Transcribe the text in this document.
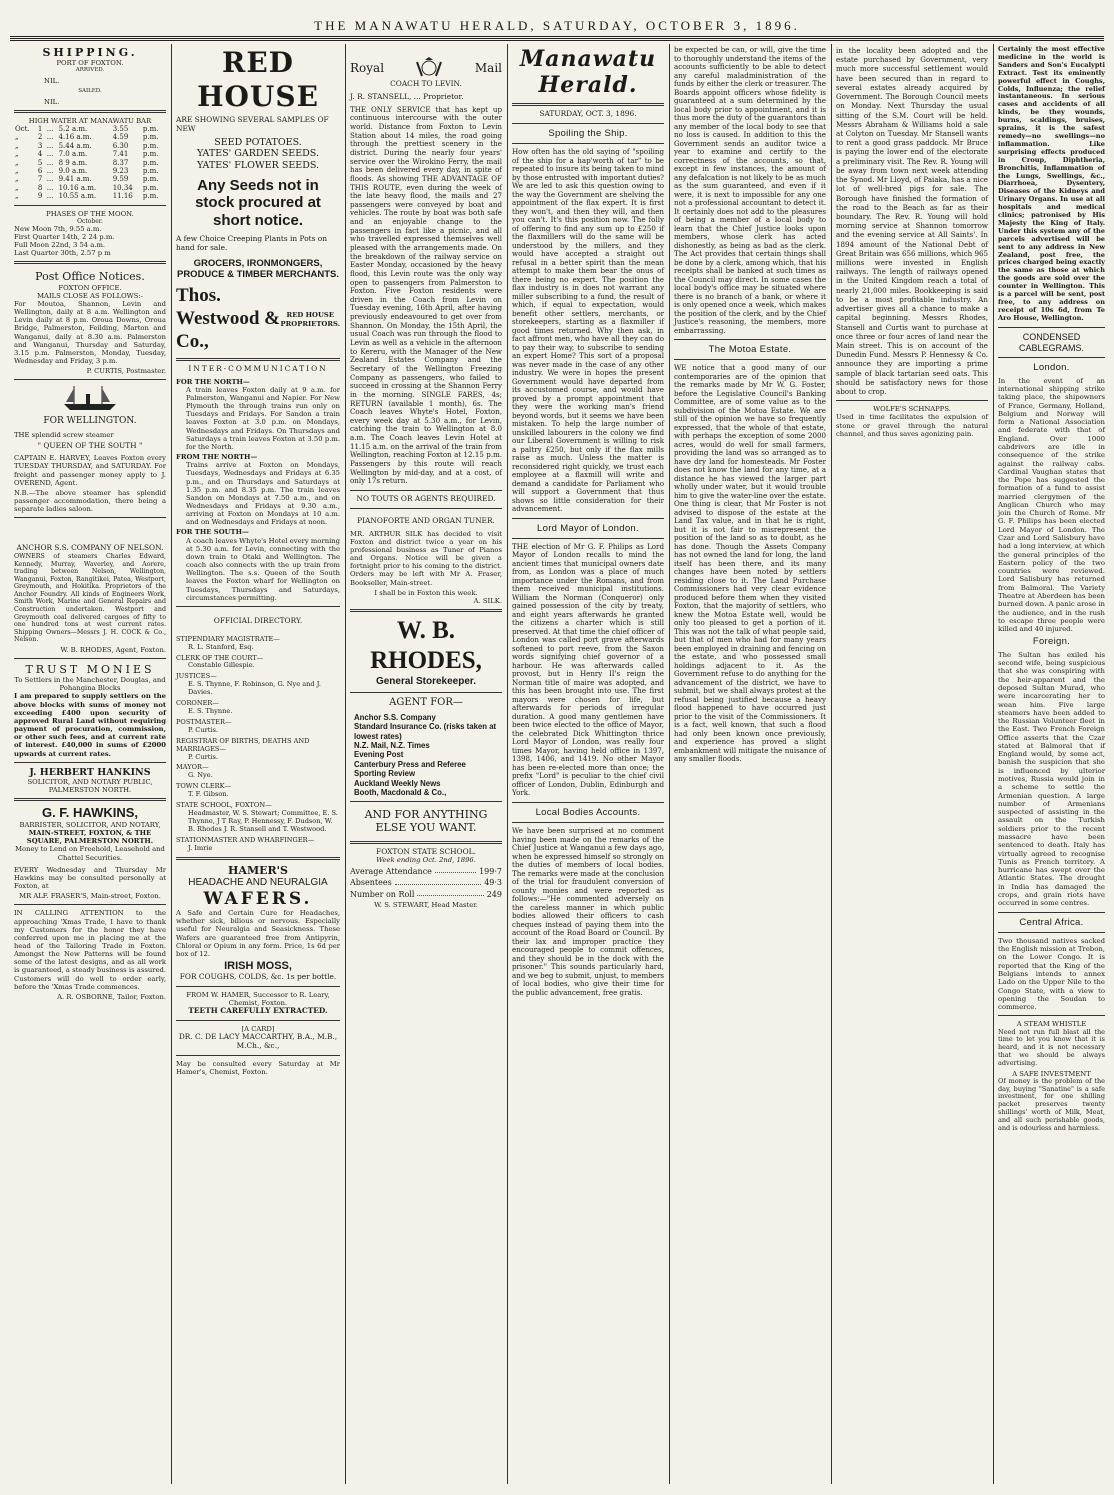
THE MANAWATU HERALD, SATURDAY, OCTOBER 3, 1896.
SHIPPING.
PORT OF FOXTON.
ARRIVED.
NIL.
SAILED.
NIL.
HIGH WATER AT MANAWATU BAR
Oct.	1	...	5.2 a.m.	3.55	p.m.
„	2	...	4.16 a.m.	4.59	p.m.
„	3	...	5.44 a.m.	6.30	p.m.
„	4	...	7.0 a.m.	7.41	p.m.
„	5	...	8 9 a.m.	8.37	p.m.
„	6	...	9.0 a.m.	9.23	p.m.
„	7	...	9.41 a.m.	9.59	p.m.
„	8	...	10.16 a.m.	10.34	p.m.
„	9	...	10.55 a.m.	11.16	p.m.
PHASES OF THE MOON.
October.
New Moon 7th, 9.55 a.m.
First Quarter 14th, 2 24 p.m.
Full Moon 22nd, 3 54 a.m.
Last Quarter 30th, 2.57 p m
Post Office Notices.
FOXTON OFFICE.
MAILS CLOSE AS FOLLOWS:-

For Moutoa, Shannon, Levin and Wellington, daily at 8 a.m. Wellington and Levin daily at 8 p.m. Oroua Downs, Oroua Bridge, Palmerston, Feilding, Marton and Wanganui, daily at 8.30 a.m. Palmerston and Wanganui, Thursday and Saturday, 3.15 p.m. Palmerston, Monday, Tuesday, Wednesday and Friday, 3 p.m.

P. CURTIS, Postmaster.
FOR WELLINGTON.
THE splendid screw steamer
" QUEEN OF THE SOUTH "

CAPTAIN E. HARVEY, Leaves Foxton every TUESDAY THURSDAY, and SATURDAY. For freight and passenger money apply to J. OVEREND, Agent.

N.B.—The above steamer has splendid passenger accommodation, there being a separate ladies saloon.

ANCHOR S.S. COMPANY OF NELSON.

OWNERS of steamers Charles Edward, Kennedy, Murray, Waverley, and Aorere, trading between Nelson, Wellington, Wanganui, Foxton, Rangitikei, Patea, Westport, Greymouth, and Hokitika. Proprietors of the Anchor Foundry. All kinds of Engineers Work, Smith Work, Marine and General Repairs and Construction undertaken. Westport and Greymouth coal delivered cargoes of fifty to one hundred tons at west current rates. Shipping Owners—Messrs J. H. COCK & Co., Nelson.

W. B. RHODES, Agent, Foxton.
TRUST MONIES
To Settlers in the Manchester, Douglas, and Pohangina Blocks

I am prepared to supply settlers on the above blocks with sums of money not exceeding £400 upon security of approved Rural Land without requiring payment of procuration, commission, or other such fees, and at current rate of interest. £40,000 in sums of £2000 upwards at current rates.

J. HERBERT HANKINS
SOLICITOR, AND NOTARY PUBLIC, PALMERSTON NORTH.
G. F. HAWKINS,
BARRISTER, SOLICITOR, AND NOTARY,
MAIN-STREET, FOXTON, & THE SQUARE, PALMERSTON NORTH.
Money to Lend on Freehold, Leasehold and Chattel Securities.

EVERY Wednesday and Thursday Mr Hawkins may be consulted personally at Foxton, at

MR ALF. FRASER'S, Main-street, Foxton.

IN CALLING ATTENTION to the approaching 'Xmas Trade, I have to thank my Customers for the honor they have conferred upon me in placing me at the head of the Tailoring Trade in Foxton. Amongst the New Patterns will be found some of the latest designs, and as all work is guaranteed, a steady business is assured. Customers will do well to order early, before the 'Xmas Trade commences.

A. R. OSBORNE, Tailor, Foxton.
RED HOUSE
ARE SHOWING SEVERAL SAMPLES OF NEW
SEED POTATOES.
YATES' GARDEN SEEDS.
YATES' FLOWER SEEDS.
Any Seeds not in stock procured at short notice.
A few Choice Creeping Plants in Pots on hand for sale.
GROCERS, IRONMONGERS, PRODUCE & TIMBER MERCHANTS.
Thos. Westwood & Co.,
RED HOUSE PROPRIETORS.
INTER-COMMUNICATION
FOR THE NORTH—

A train leaves Foxton daily at 9 a.m. for Palmerston, Wanganui and Napier. For New Plymouth the through trains run only on Tuesdays and Fridays. For Sandon a train leaves Foxton at 3.0 p.m. on Mondays, Wednesdays and Fridays. On Thursdays and Saturdays a train leaves Foxton at 3.50 p.m. for the North.

FROM THE NORTH—

Trains arrive at Foxton on Mondays, Tuesdays, Wednesdays and Fridays at 6.35 p.m., and on Thursdays and Saturdays at 1.35 p.m. and 8.35 p.m. The train leaves Sandon on Mondays at 7.50 a.m., and on Wednesdays and Fridays at 9.30 a.m., arriving at Foxton on Mondays at 10 a.m. and on Wednesdays and Fridays at noon.

FOR THE SOUTH—

A coach leaves Whyte's Hotel every morning at 5.30 a.m. for Levin, connecting with the down train to Otaki and Wellington. The coach also connects with the up train from Wellington. The s.s. Queen of the South leaves the Foxton wharf for Wellington on Tuesdays, Thursdays and Saturdays, circumstances permitting.

OFFICIAL DIRECTORY.
STIPENDIARY MAGISTRATE—
R. L. Stanford, Esq.
CLERK OF THE COURT—
Constable Gillespie.
JUSTICES—
E. S. Thynne, F. Robinson, G. Nye and J. Davies.
CORONER—
E. S. Thynne.
POSTMASTER—
P. Curtis.
REGISTRAR OF BIRTHS, DEATHS AND MARRIAGES—
P. Curtis.
MAYOR—
G. Nye.
TOWN CLERK—
T. F. Gibson.
STATE SCHOOL, FOXTON—
Headmaster, W. S. Stewart; Committee, E. S. Thynne, J T Ray, P. Hennessy, F. Dudson, W. B. Rhodes J. R. Stansell and T. Westwood.
STATIONMASTER AND WHARFINGER—
J. Imrie
HAMER'S
HEADACHE AND NEURALGIA
WAFERS.

A Safe and Certain Cure for Headaches, whether sick, bilious or nervous. Especially useful for Neuralgia and Seasickness. These Wafers are guaranteed free from Antipyrin, Chloral or Opium in any form. Price, 1s 6d per box of 12.

IRISH MOSS,
FOR COUGHS, COLDS, &c. 1s per bottle.
FROM W. HAMER, Successor to R. Leary, Chemist, Foxton.
TEETH CAREFULLY EXTRACTED.
[A CARD]
DR. C. DE LACY MACCARTHY, B.A., M.B., M.Ch., &c.,

May be consulted every Saturday at Mr Hamer's, Chemist, Foxton.

Royal	Mail
COACH TO LEVIN.
J. R. STANSELL, ... Proprietor.

THE ONLY SERVICE that has kept up continuous intercourse with the outer world. Distance from Foxton to Levin Station about 14 miles, the road going through the prettiest scenery in the district. During the nearly four years' service over the Wirokino Ferry, the mail has been delivered every day, in spite of floods. As showing THE ADVANTAGE OF THIS ROUTE, even during the week of the late heavy flood, the mails and 27 passengers were conveyed by boat and vehicles. The route by boat was both safe and an enjoyable change to the passengers in fact like a picnic, and all who travelled expressed themselves well pleased with the arrangements made. On the breakdown of the railway service on Easter Monday, occasioned by the heavy flood, this Levin route was the only way open to passengers from Palmerston to Foxton. Five Foxton residents were driven in the Coach from Levin on Tuesday evening, 16th April, after having previously endeavoured to get over from Shannon. On Monday, the 15th April, the usual Coach was run through the flood to Levin as well as a vehicle in the afternoon to Kereru, with the Manager of the New Zealand Estates Company and the Secretary of the Wellington Freezing Company as passengers, who failed to succeed in crossing at the Shannon Ferry in the morning. SINGLE FARES, 4s; RETURN (available 1 month), 6s. The Coach leaves Whyte's Hotel, Foxton, every week day at 5.30 a.m., for Levin, catching the train to Wellington at 8.0 a.m. The Coach leaves Levin Hotel at 11.15 a.m. on the arrival of the train from Wellington, reaching Foxton at 12.15 p.m. Passengers by this route will reach Wellington by mid-day, and at a cost, of only 17s return.

NO TOUTS OR AGENTS REQUIRED.
PIANOFORTE AND ORGAN TUNER.

MR. ARTHUR SILK has decided to visit Foxton and district twice a year on his professional business as Tuner of Pianos and Organs. Notice will be given a fortnight prior to his coming to the district. Orders may be left with Mr A. Fraser, Bookseller, Main-street.

I shall be in Foxton this week.
A. SILK.
W. B. RHODES,
General Storekeeper.
AGENT FOR—
Anchor S.S. Company
Standard Insurance Co. (risks taken at lowest rates)
N.Z. Mail, N.Z. Times
Evening Post
Canterbury Press and Referee
Sporting Review
Auckland Weekly News
Booth, Macdonald & Co.,
AND FOR ANYTHING ELSE YOU WANT.
FOXTON STATE SCHOOL.
Week ending Oct. 2nd, 1896.
Average Attendance	199·7
Absentees	49·3
Number on Roll	249
W. S. STEWART, Head Master.
Manawatu Herald.
SATURDAY, OCT. 3, 1896.
Spoiling the Ship.

How often has the old saying of "spoiling of the ship for a hap'worth of tar" to be repeated to insure its being taken to mind by those entrusted with important duties? We are led to ask this question owing to the way the Government are shelving the appointment of the flax expert. It is first they won't, and then they will, and then you can't. It's this position now. The folly of offering to find any sum up to £250 if the flaxmillers will do the same will be understood by the millers, and they would have accepted a straight out refusal in a better spirit than the mean attempt to make them bear the onus of there being no expert. The position the flax industry is in does not warrant any miller subscribing to a fund, the result of which, if equal to expectation, would benefit other settlers, merchants, or storekeepers, starting as a flaxmiller if good times returned. Why then ask, in fact affront men, who have all they can do to pay their way, to subscribe to sending an expert Home? This sort of a proposal was never made in the case of any other industry. We were in hopes the present Government would have departed from its accustomed course, and would have proved by a prompt appointment that they were the working man's friend beyond words, but it seems we have been mistaken. To help the large number of unskilled labourers in the colony we find our Liberal Government is willing to risk a paltry £250, but only if the flax mills raise as much. Unless the matter is reconsidered right quickly, we trust each employee at a flaxmill will write and demand a candidate for Parliament who will support a Government that thus shows so little consideration for their advancement.

Lord Mayor of London.

THE election of Mr G. F. Philips as Lord Mayor of London recalls to mind the ancient times that municipal owners date from, as London was a place of much importance under the Romans, and from them received municipal institutions. William the Norman (Conqueror) only gained possession of the city by treaty, and eight years afterwards he granted the citizens a charter which is still preserved. At that time the chief officer of London was called port grave afterwards softened to port reeve, from the Saxon words signifying chief governor of a harbour. He was afterwards called provost, but in Henry II's reign the Norman title of maire was adopted, and this has been brought into use. The first mayors were chosen for life, but afterwards for periods of irregular duration. A good many gentlemen have been twice elected to the office of Mayor, the celebrated Dick Whittington thrice Lord Mayor of London, was really four times Mayor, having held office in 1397, 1398, 1406, and 1419. No other Mayor has been re-elected more than once; the prefix "Lord" is peculiar to the chief civil officer of London, Dublin, Edinburgh and York.

Local Bodies Accounts.

We have been surprised at no comment having been made on the remarks of the Chief Justice at Wanganui a few days ago, when he expressed himself so strongly on the duties of members of local bodies. The remarks were made at the conclusion of the trial for fraudulent conversion of county monies and were reported as follows:—"He commented adversely on the careless manner in which public bodies allowed their officers to cash cheques instead of paying them into the account of the Road Board or Council. By their lax and improper practice they encouraged people to commit offences, and they should be in the dock with the prisoner." This sounds particularly hard, and we beg to submit, unjust, to members of local bodies, who give their time for the public advancement, free gratis.

be expected be can, or will, give the time to thoroughly understand the items of the accounts sufficiently to be able to detect any careful maladministration of the funds by either the clerk or treasurer. The Boards appoint officers whose fidelity is guaranteed at a sum determined by the local body prior to appointment, and it is thus more the duty of the guarantors than any member of the local body to see that no loss is caused. In addition to this the Government sends an auditor twice a year to examine and certify to the correctness of the accounts, so that, except in few instances, the amount of any defalcation is not likely to be as much as the sum guaranteed, and even if it were, it is next to impossible for any one not a professional accountant to detect it. It certainly does not add to the pleasures of being a member of a local body to learn that the Chief Justice looks upon members, whose clerk has acted dishonestly, as being as bad as the clerk. The Act provides that certain things shall be done by a clerk, among which, that his receipts shall be banked at such times as the Council may direct. In some cases the local body's office may be situated where there is no branch of a bank, or where it is only opened once a week, which makes the position of the clerk, and by the Chief Justice's reasoning, the members, more embarrassing.

The Motoa Estate.

WE notice that a good many of our contemporaries are of the opinion that the remarks made by Mr W. G. Foster, before the Legislative Council's Banking Committee, are of some value as to the subdivision of the Motoa Estate. We are still of the opinion we have so frequently expressed, that the whole of that estate, with perhaps the exception of some 2000 acres, would do well for small farmers, providing the land was so arranged as to have dry land for homesteads. Mr Foster does not know the land for any time, at a distance he has viewed the larger part wholly under water, but it would trouble him to give the water-line over the estate. One thing is clear, that Mr Foster is not advised to dispose of the estate at the Land Tax value, and in that he is right, but it is not fair to misrepresent the position of the land so as to doubt, as he has done. Though the Assets Company has not owned the land for long, the land itself has been there, and its many changes have been noted by settlers residing close to it. The Land Purchase Commissioners had very clear evidence produced before them when they visited Foxton, that the majority of settlers, who knew the Motoa Estate well, would be only too pleased to get a portion of it. This was not the talk of what people said, but that of men who had for many years been employed in draining and fencing on the estate, and who possessed small holdings adjacent to it. As the Government refuse to do anything for the advancement of the district, we have to submit, but we shall always protest at the refusal being justified because a heavy flood happened to have occurred just prior to the visit of the Commissioners. It is a fact, well known, that such a flood had only been known once previously, and experience has proved a slight embankment will mitigate the nuisance of any smaller floods.

in the locality been adopted and the estate purchased by Government, very much more successful settlement would have been secured than in regard to several estates already acquired by Government. The Borough Council meets on Monday. Next Thursday the usual sitting of the S.M. Court will be held. Messrs Abraham & Williams hold a sale at Colyton on Tuesday. Mr Stansell wants to rent a good grass paddock. Mr Bruce is paying the lower end of the electorate a preliminary visit. The Rev. R. Young will be away from town next week attending the Synod. Mr Lloyd, of Paiaka, has a nice lot of well-bred pigs for sale. The Borough have finished the formation of the road to the Beach as far as their boundary. The Rev. R. Young will hold morning service at Shannon tomorrow and the evening service at All Saints'. In 1894 amount of the National Debt of Great Britain was 656 millions, which 965 millions were invested in English railways. The length of railways opened in the United Kingdom reach a total of nearly 21,000 miles. Bookkeeping is said to be a most profitable industry. An advertiser gives all a chance to make a capital beginning. Messrs Rhodes, Stansell and Curtis want to purchase at once three or four acres of land near the Main street. This is on account of the Dunedin Fund. Messrs P. Hennessy & Co. announce they are importing a prime sample of black tartarian seed oats. This should be satisfactory news for those about to crop.

WOLFE'S SCHNAPPS.

Used in time facilitates the expulsion of stone or gravel through the natural channel, and thus saves agonizing pain.

Certainly the most effective medicine in the world is Sanders and Son's Eucalypti Extract. Test its eminently powerful effect in Coughs, Colds, Influenza; the relief instantaneous. In serious cases and accidents of all kinds, be they wounds, burns, scaldings, bruises, sprains, it is the safest remedy—no swellings—no inflammation. Like surprising effects produced in Croup, Diphtheria, Bronchitis, Inflammation of the Lungs, Swellings, &c., Diarrhoea, Dysentery, Diseases of the Kidneys and Urinary Organs. In use at all hospitals and medical clinics; patronised by His Majesty the King of Italy. Under this system any of the parcels advertised will be sent to any address in New Zealand, post free, the prices charged being exactly the same as those at which the goods are sold over the counter in Wellington. This is a parcel will be sent, post free, to any address on receipt of 10s 6d, from Te Aro House, Wellington.

CONDENSED CABLEGRAMS.
London.

In the event of an international shipping strike taking place, the shipowners of France, Germany, Holland, Belgium and Norway will form a National Association and federate with that of England. Over 1000 cabdrivers are idle in consequence of the strike against the railway cabs. Cardinal Vaughan states that the Pope has suggested the formation of a fund to assist married clergymen of the Anglican Church who may join the Church of Rome. Mr G. F. Philips has been elected Lord Mayor of London. The Czar and Lord Salisbury have had a long interview, at which the general principles of the Eastern policy of the two countries were reviewed. Lord Salisbury has returned from Balmoral. The Variety Theatre at Aberdeen has been burned down. A panic arose in the audience, and in the rush to escape three people were killed and 40 injured.

Foreign.

The Sultan has exiled his second wife, being suspicious that she was conspiring with the heir-apparent and the deposed Sultan Murad, who were incarcerating her to wean him. Five large steamers have been added to the Russian Volunteer fleet in the East. Two French Foreign Office asserts that the Czar stated at Balmoral that if England would, by some act, banish the suspicion that she is influenced by ulterior motives, Russia would join in a scheme to settle the Armenian question. A large number of Armenians suspected of assisting in the assault on the Turkish soldiers prior to the recent massacre have been sentenced to death. Italy has virtually agreed to recognise Tunis as French territory. A hurricane has swept over the Atlantic States. The drought in India has damaged the crops, and grain riots have occurred in some centres.

Central Africa.

Two thousand natives sacked the English mission at Trebon, on the Lower Congo. It is reported that the King of the Belgians intends to annex Lado on the Upper Nile to the Congo State, with a view to opening the Soudan to commerce.

A STEAM WHISTLE

Need not run full blast all the time to let you know that it is heard, and it is not necessary that we should be always advertising.

A SAFE INVESTMENT

Of money is the problem of the day, buying "Sanatine" is a safe investment, for one shilling packet preserves twenty shillings' worth of Milk, Meat, and all such perishable goods, and is odourless and harmless.
